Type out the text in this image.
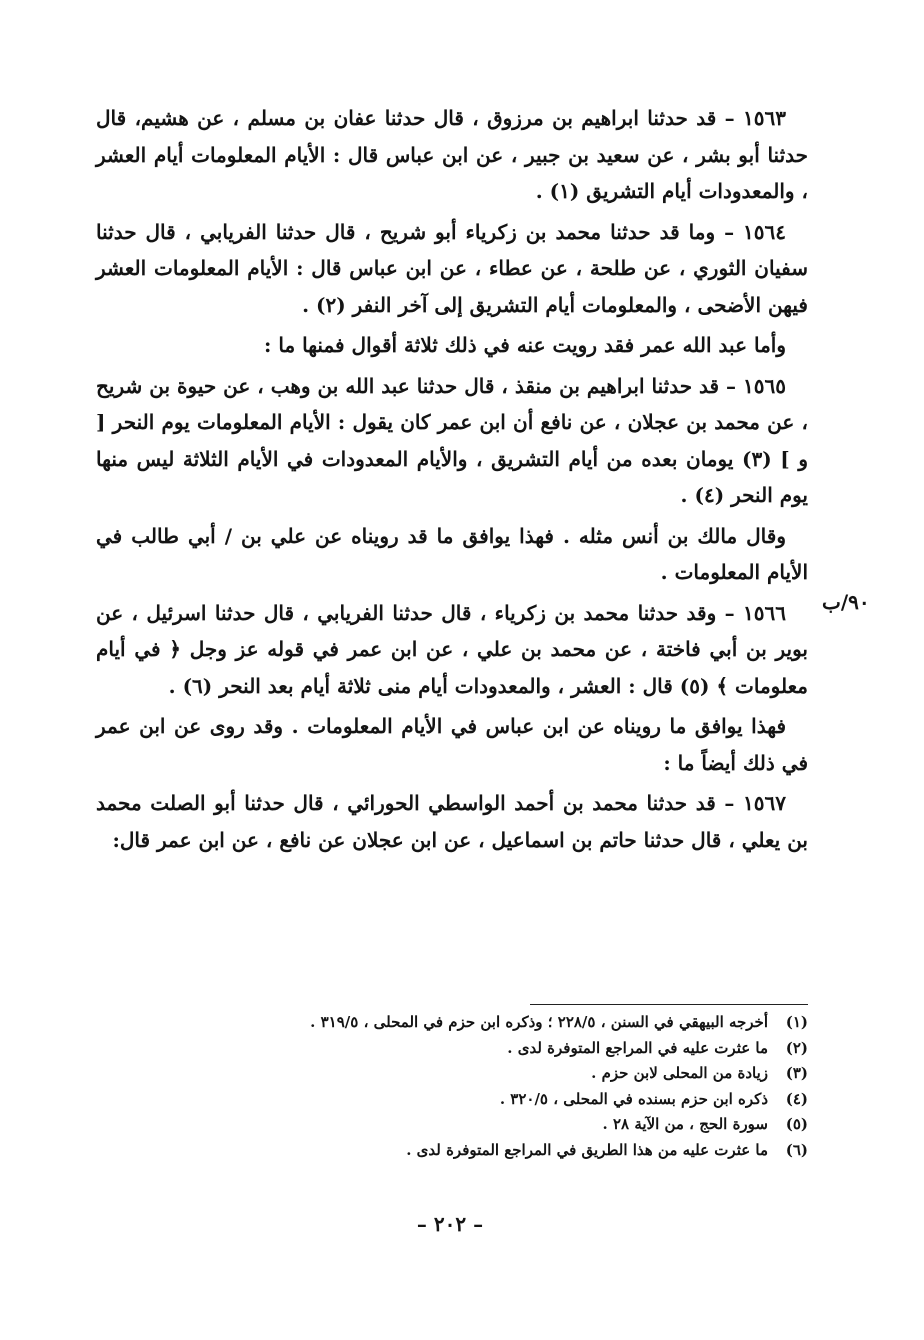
١٥٦٣ – قد حدثنا ابراهيم بن مرزوق ، قال حدثنا عفان بن مسلم ، عن هشيم، قال حدثنا أبو بشر ، عن سعيد بن جبير ، عن ابن عباس قال : الأيام المعلومات أيام العشر ، والمعدودات أيام التشريق (١) .

١٥٦٤ – وما قد حدثنا محمد بن زكرياء أبو شريح ، قال حدثنا الفريابي ، قال حدثنا سفيان الثوري ، عن طلحة ، عن عطاء ، عن ابن عباس قال : الأيام المعلومات العشر فيهن الأضحى ، والمعلومات أيام التشريق إلى آخر النفر (٢) .

وأما عبد الله عمر فقد رويت عنه في ذلك ثلاثة أقوال فمنها ما :

١٥٦٥ – قد حدثنا ابراهيم بن منقذ ، قال حدثنا عبد الله بن وهب ، عن حيوة بن شريح ، عن محمد بن عجلان ، عن نافع أن ابن عمر كان يقول : الأيام المعلومات يوم النحر [ و ] (٣) يومان بعده من أيام التشريق ، والأيام المعدودات في الأيام الثلاثة ليس منها يوم النحر (٤) .

وقال مالك بن أنس مثله . فهذا يوافق ما قد رويناه عن علي بن / أبي طالب في الأيام المعلومات .

١٥٦٦ – وقد حدثنا محمد بن زكرياء ، قال حدثنا الفريابي ، قال حدثنا اسرئيل ، عن بوير بن أبي فاختة ، عن محمد بن علي ، عن ابن عمر في قوله عز وجل ﴿ في أيام معلومات ﴾ (٥) قال : العشر ، والمعدودات أيام منى ثلاثة أيام بعد النحر (٦) .

فهذا يوافق ما رويناه عن ابن عباس في الأيام المعلومات . وقد روى عن ابن عمر في ذلك أيضاً ما :

١٥٦٧ – قد حدثنا محمد بن أحمد الواسطي الحورائي ، قال حدثنا أبو الصلت محمد بن يعلي ، قال حدثنا حاتم بن اسماعيل ، عن ابن عجلان عن نافع ، عن ابن عمر قال:

٩٠/ب
(١)أخرجه البيهقي في السنن ، ٢٢٨/٥ ؛ وذكره ابن حزم في المحلى ، ٣١٩/٥ .
(٢)ما عثرت عليه في المراجع المتوفرة لدى .
(٣)زيادة من المحلى لابن حزم .
(٤)ذكره ابن حزم بسنده في المحلى ، ٣٢٠/٥ .
(٥)سورة الحج ، من الآية ٢٨ .
(٦)ما عثرت عليه من هذا الطريق في المراجع المتوفرة لدى .
– ٢٠٢ –
